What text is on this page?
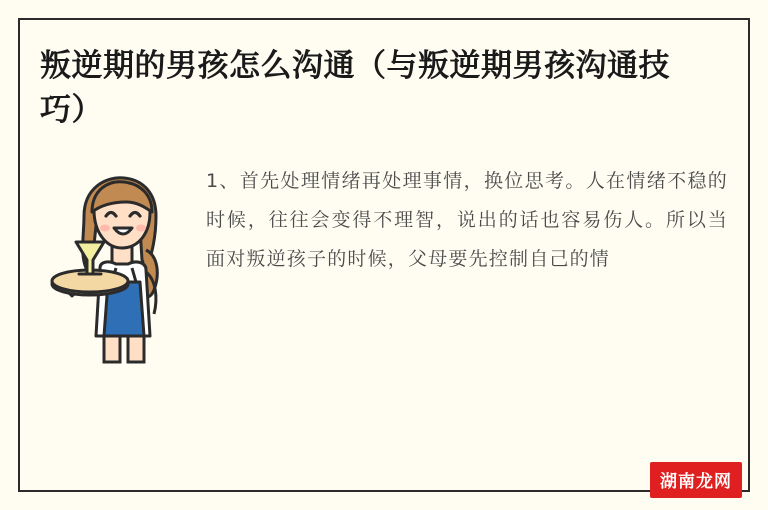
叛逆期的男孩怎么沟通（与叛逆期男孩沟通技巧）

1、首先处理情绪再处理事情，换位思考。人在情绪不稳的时候，往往会变得不理智，说出的话也容易伤人。所以当面对叛逆孩子的时候，父母要先控制自己的情

湖南龙网
